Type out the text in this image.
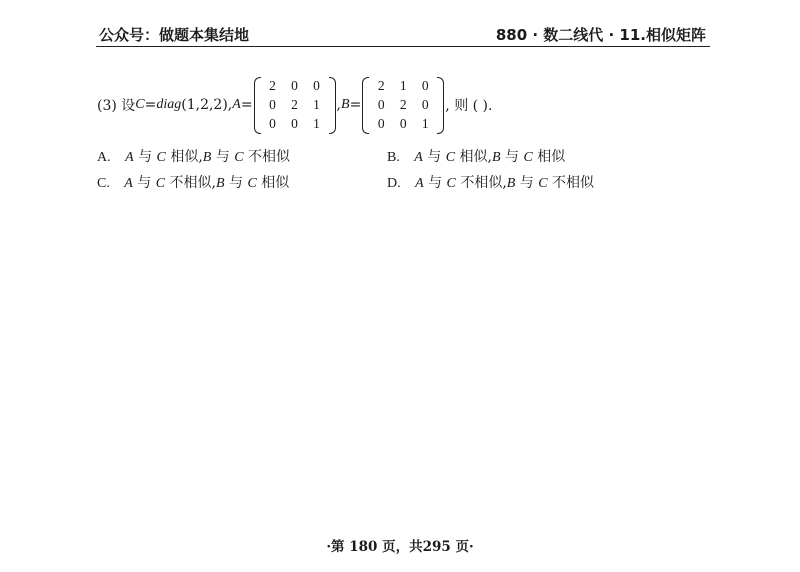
公众号：做题本集结地	880 · 数二线代 · 11.相似矩阵
(3) 设 C = diag (1,2,2), A =
2	0	0
0	2	1
0	0	1
, B =
2	1	0
0	2	0
0	0	1
, 则 ( ).
A. A 与 C 相似,B 与 C 不相似	B. A 与 C 相似,B 与 C 相似
C. A 与 C 不相似,B 与 C 相似	D. A 与 C 不相似,B 与 C 不相似
·第 180 页，共295 页·
